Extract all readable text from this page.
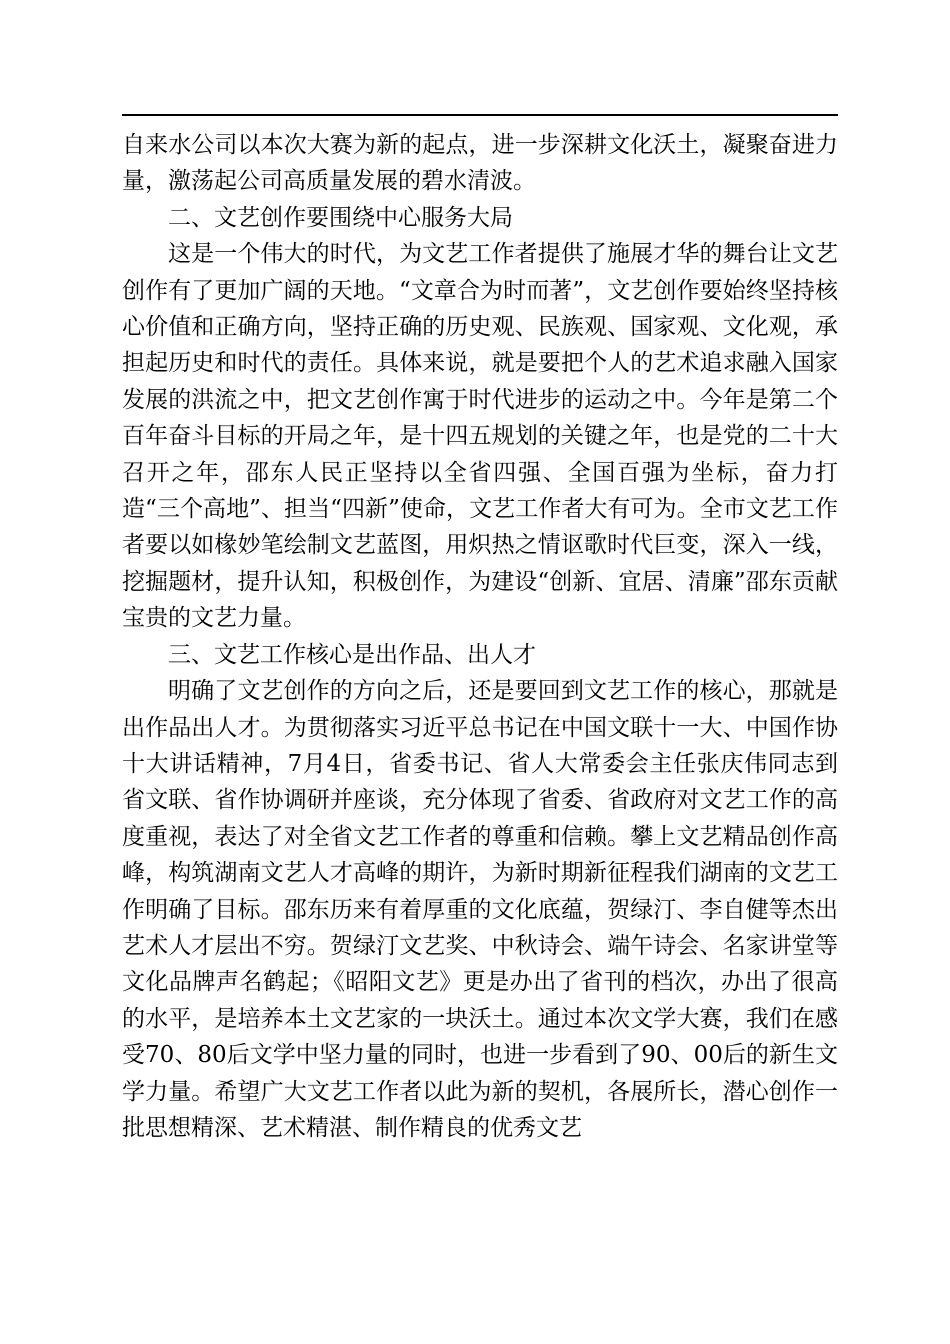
自来水公司以本次大赛为新的起点，进一步深耕文化沃土，凝聚奋进力量，激荡起公司高质量发展的碧水清波。

二、文艺创作要围绕中心服务大局

这是一个伟大的时代，为文艺工作者提供了施展才华的舞台让文艺创作有了更加广阔的天地。“文章合为时而著”，文艺创作要始终坚持核心价值和正确方向，坚持正确的历史观、民族观、国家观、文化观，承担起历史和时代的责任。具体来说，就是要把个人的艺术追求融入国家发展的洪流之中，把文艺创作寓于时代进步的运动之中。今年是第二个百年奋斗目标的开局之年，是十四五规划的关键之年，也是党的二十大召开之年，邵东人民正坚持以全省四强、全国百强为坐标，奋力打造“三个高地”、担当“四新”使命，文艺工作者大有可为。全市文艺工作者要以如椽妙笔绘制文艺蓝图，用炽热之情讴歌时代巨变，深入一线，挖掘题材，提升认知，积极创作，为建设“创新、宜居、清廉”邵东贡献宝贵的文艺力量。

三、文艺工作核心是出作品、出人才

明确了文艺创作的方向之后，还是要回到文艺工作的核心，那就是出作品出人才。为贯彻落实习近平总书记在中国文联十一大、中国作协十大讲话精神，7月4日，省委书记、省人大常委会主任张庆伟同志到省文联、省作协调研并座谈，充分体现了省委、省政府对文艺工作的高度重视，表达了对全省文艺工作者的尊重和信赖。攀上文艺精品创作高峰，构筑湖南文艺人才高峰的期许，为新时期新征程我们湖南的文艺工作明确了目标。邵东历来有着厚重的文化底蕴，贺绿汀、李自健等杰出艺术人才层出不穷。贺绿汀文艺奖、中秋诗会、端午诗会、名家讲堂等文化品牌声名鹤起；《昭阳文艺》更是办出了省刊的档次，办出了很高的水平，是培养本土文艺家的一块沃土。通过本次文学大赛，我们在感受70、80后文学中坚力量的同时，也进一步看到了90、00后的新生文学力量。希望广大文艺工作者以此为新的契机，各展所长，潜心创作一批思想精深、艺术精湛、制作精良的优秀文艺
